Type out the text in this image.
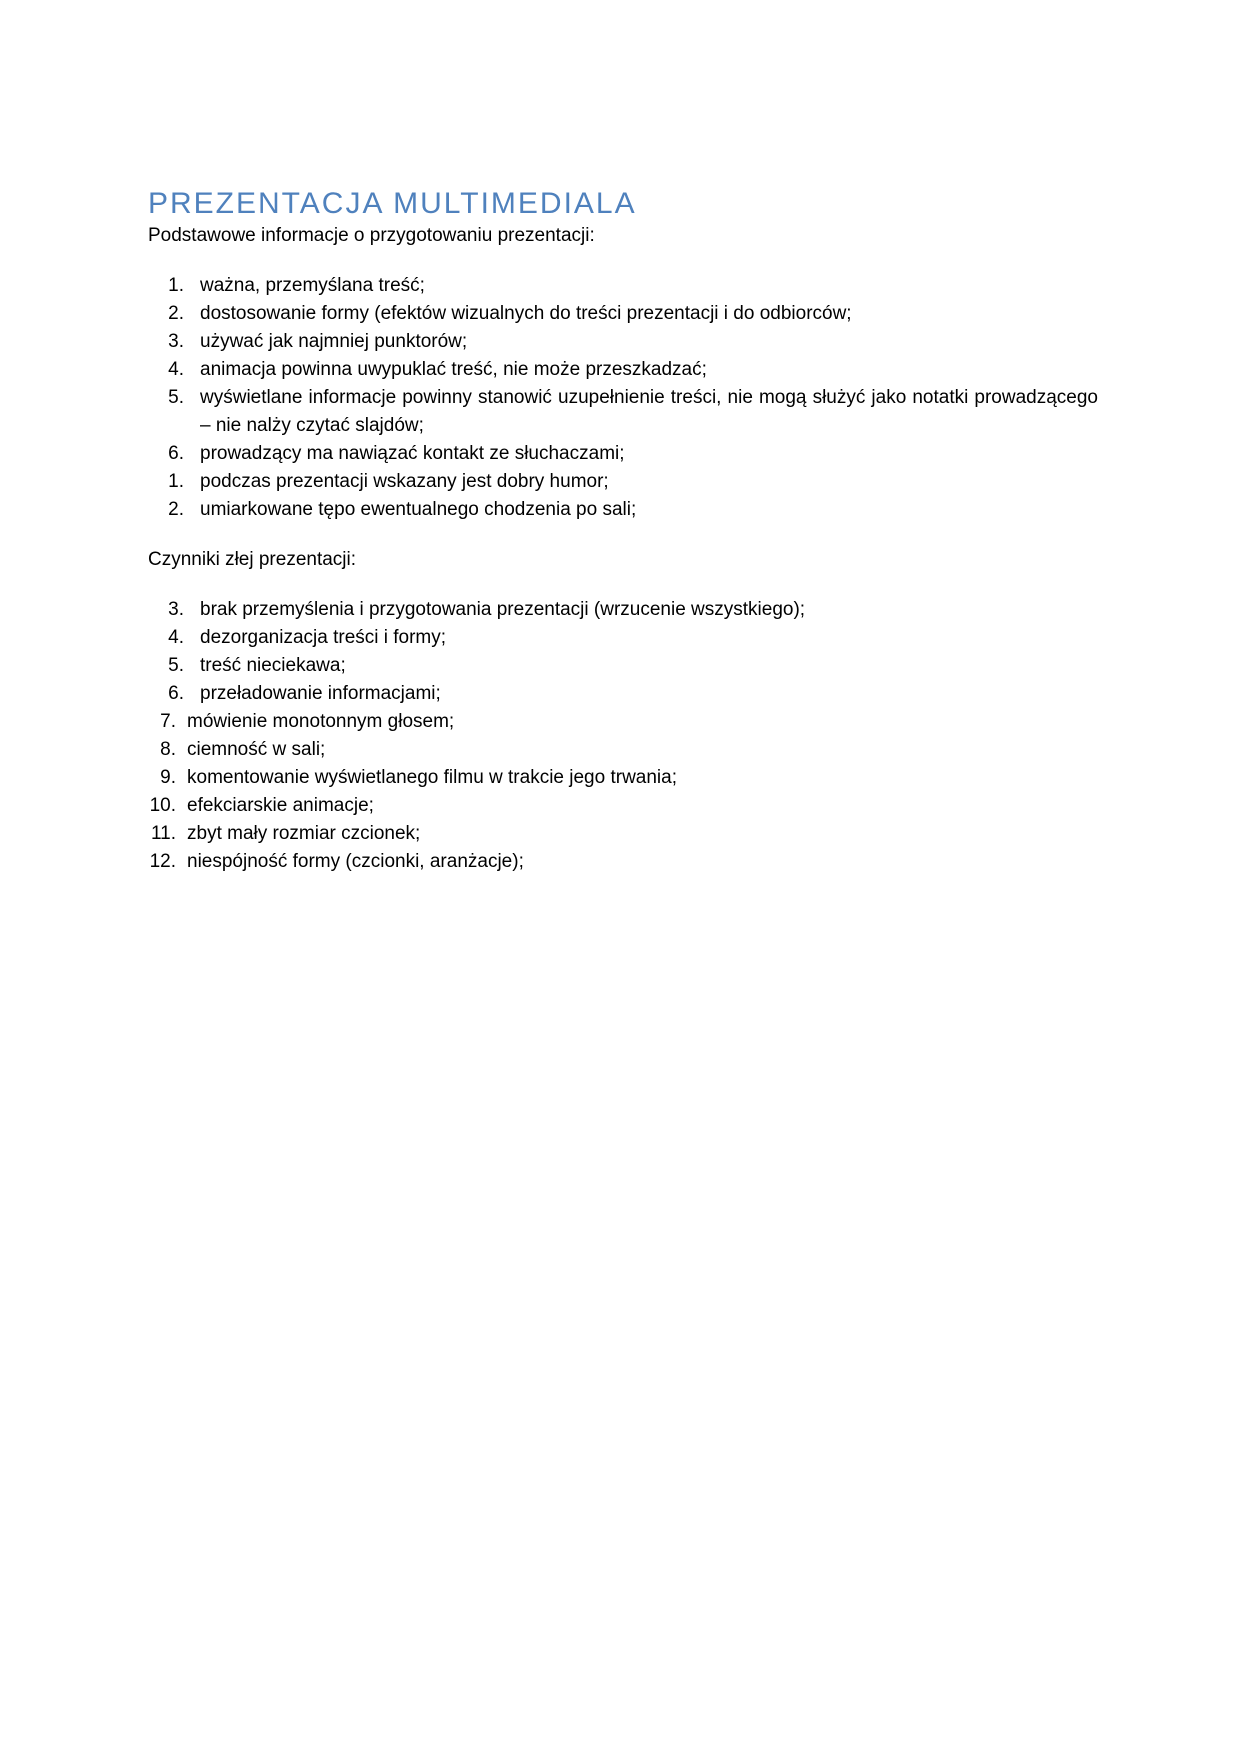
PREZENTACJA MULTIMEDIALA

Podstawowe informacje o przygotowaniu prezentacji:

1. ważna, przemyślana treść;
2. dostosowanie formy (efektów wizualnych do treści prezentacji i do odbiorców;
3. używać jak najmniej punktorów;
4. animacja powinna uwypuklać treść, nie może przeszkadzać;
5. wyświetlane informacje powinny stanowić uzupełnienie treści, nie mogą służyć jako notatki prowadzącego – nie nalży czytać slajdów;
6. prowadzący ma nawiązać kontakt ze słuchaczami;
1. podczas prezentacji wskazany jest dobry humor;
2. umiarkowane tępo ewentualnego chodzenia po sali;

Czynniki złej prezentacji:

3. brak przemyślenia i przygotowania prezentacji (wrzucenie wszystkiego);
4. dezorganizacja treści i formy;
5. treść nieciekawa;
6. przeładowanie informacjami;
7. mówienie monotonnym głosem;
8. ciemność w sali;
9. komentowanie wyświetlanego filmu w trakcie jego trwania;
10. efekciarskie animacje;
11. zbyt mały rozmiar czcionek;
12. niespójność formy (czcionki, aranżacje);
